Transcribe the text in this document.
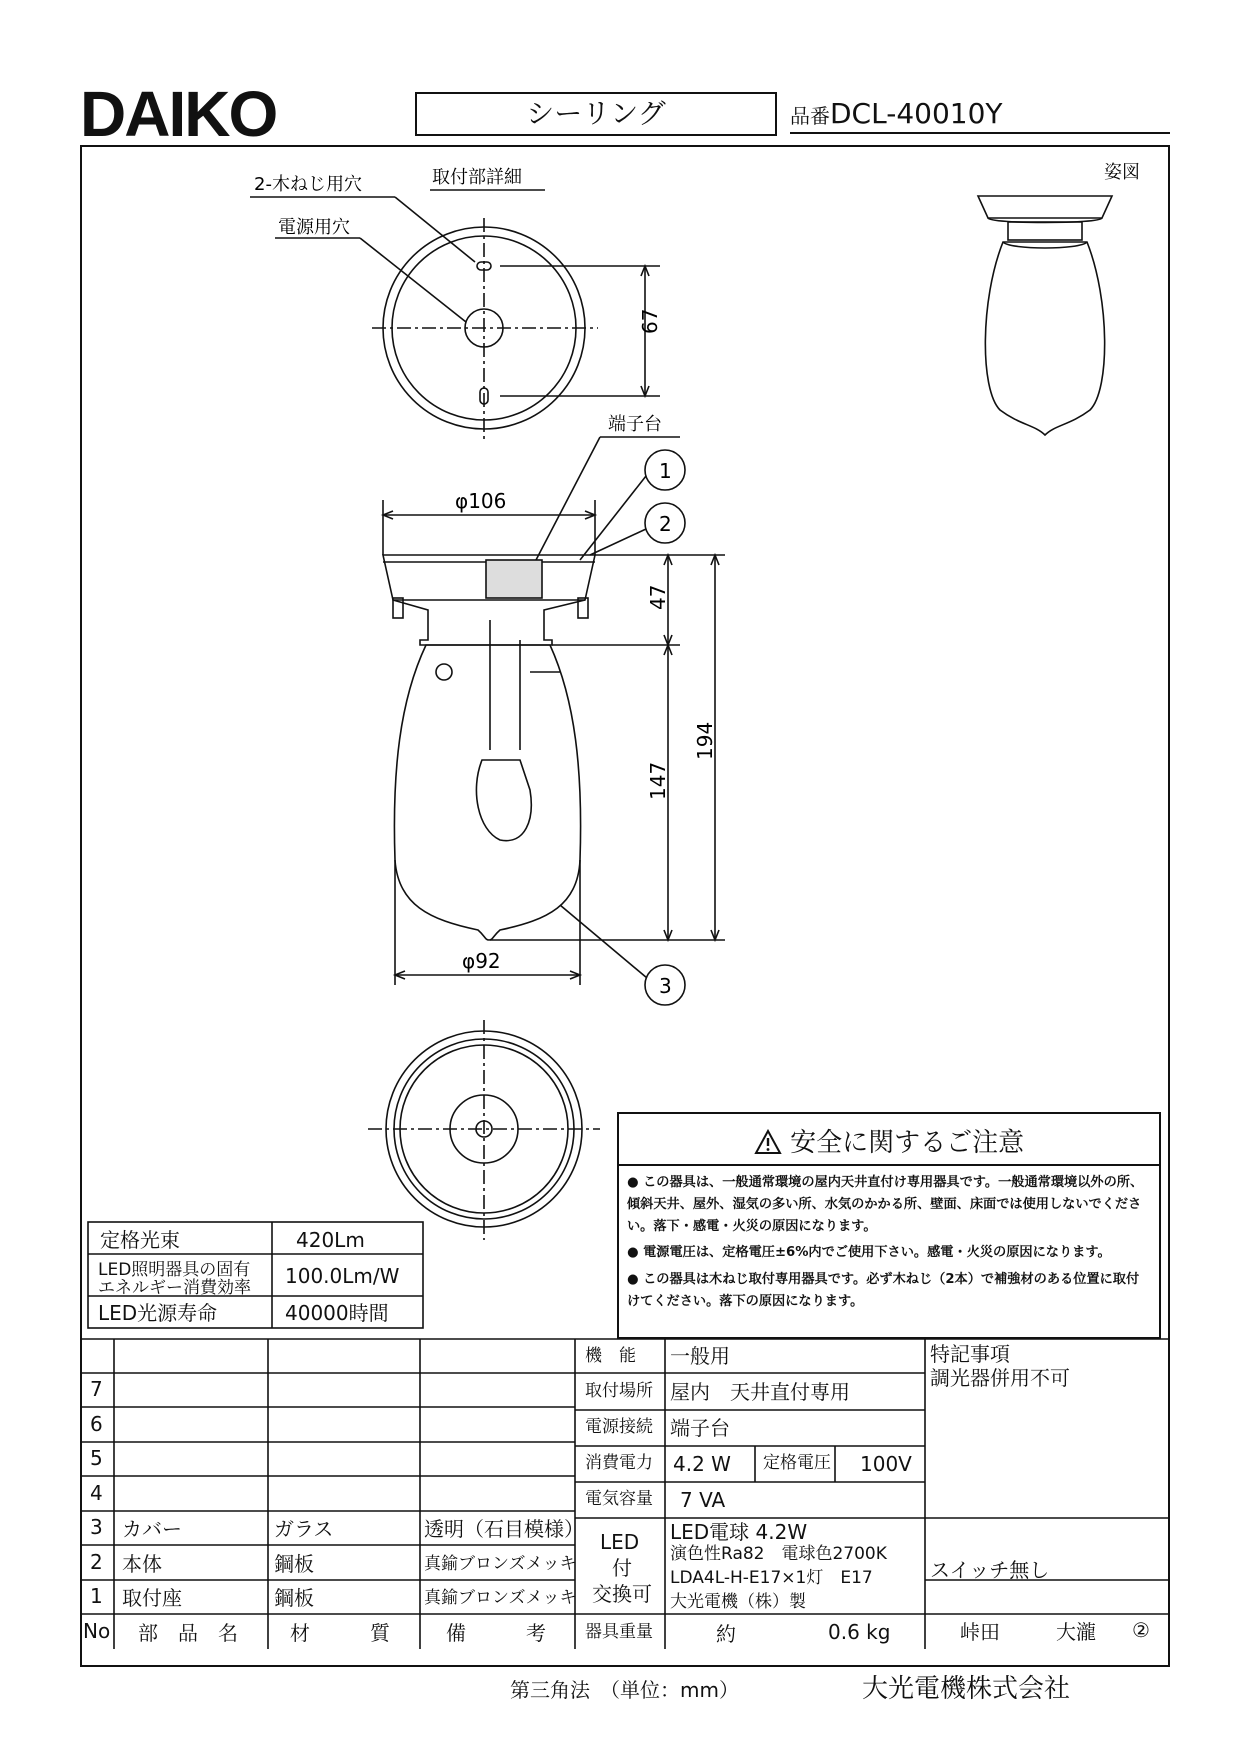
DAIKO	シーリング	品番DCL-40010Y
2-木ねじ用穴
電源用穴
取付部詳細
端子台
姿図
67
φ106
φ92
47
147
194
1
2
3
安全に関するご注意
● この器具は、一般通常環境の屋内天井直付け専用器具です。一般通常環境以外の所、傾斜天井、屋外、湿気の多い所、水気のかかる所、壁面、床面では使用しないでください。落下・感電・火災の原因になります。
● 電源電圧は、定格電圧±6%内でご使用下さい。感電・火災の原因になります。
● この器具は木ねじ取付専用器具です。必ず木ねじ（2本）で補強材のある位置に取付けてください。落下の原因になります。
定格光束	420Lm
LED照明器具の固有
エネルギー消費効率 100.0Lm/W
LED光源寿命	40000時間
7
6
5
4
3 カバー	ガラス	透明（石目模様）
2 本体	鋼板	真鍮ブロンズメッキ
1 取付座	鋼板	真鍮ブロンズメッキ
No 部　品　名	材　　　質	備　　　考
機　能 一般用
取付場所 屋内　天井直付専用
電源接続 端子台
消費電力 4.2 W 定格電圧 100V
電気容量 7 VA
LED
付
交換可
LED電球 4.2W
演色性Ra82　電球色2700K
LDA4L-H-E17×1灯　E17
大光電機（株）製
器具重量	約	0.6 kg
特記事項
調光器併用不可
スイッチ無し
峠田	大瀧 ②
第三角法　（単位：mm）	大光電機株式会社
